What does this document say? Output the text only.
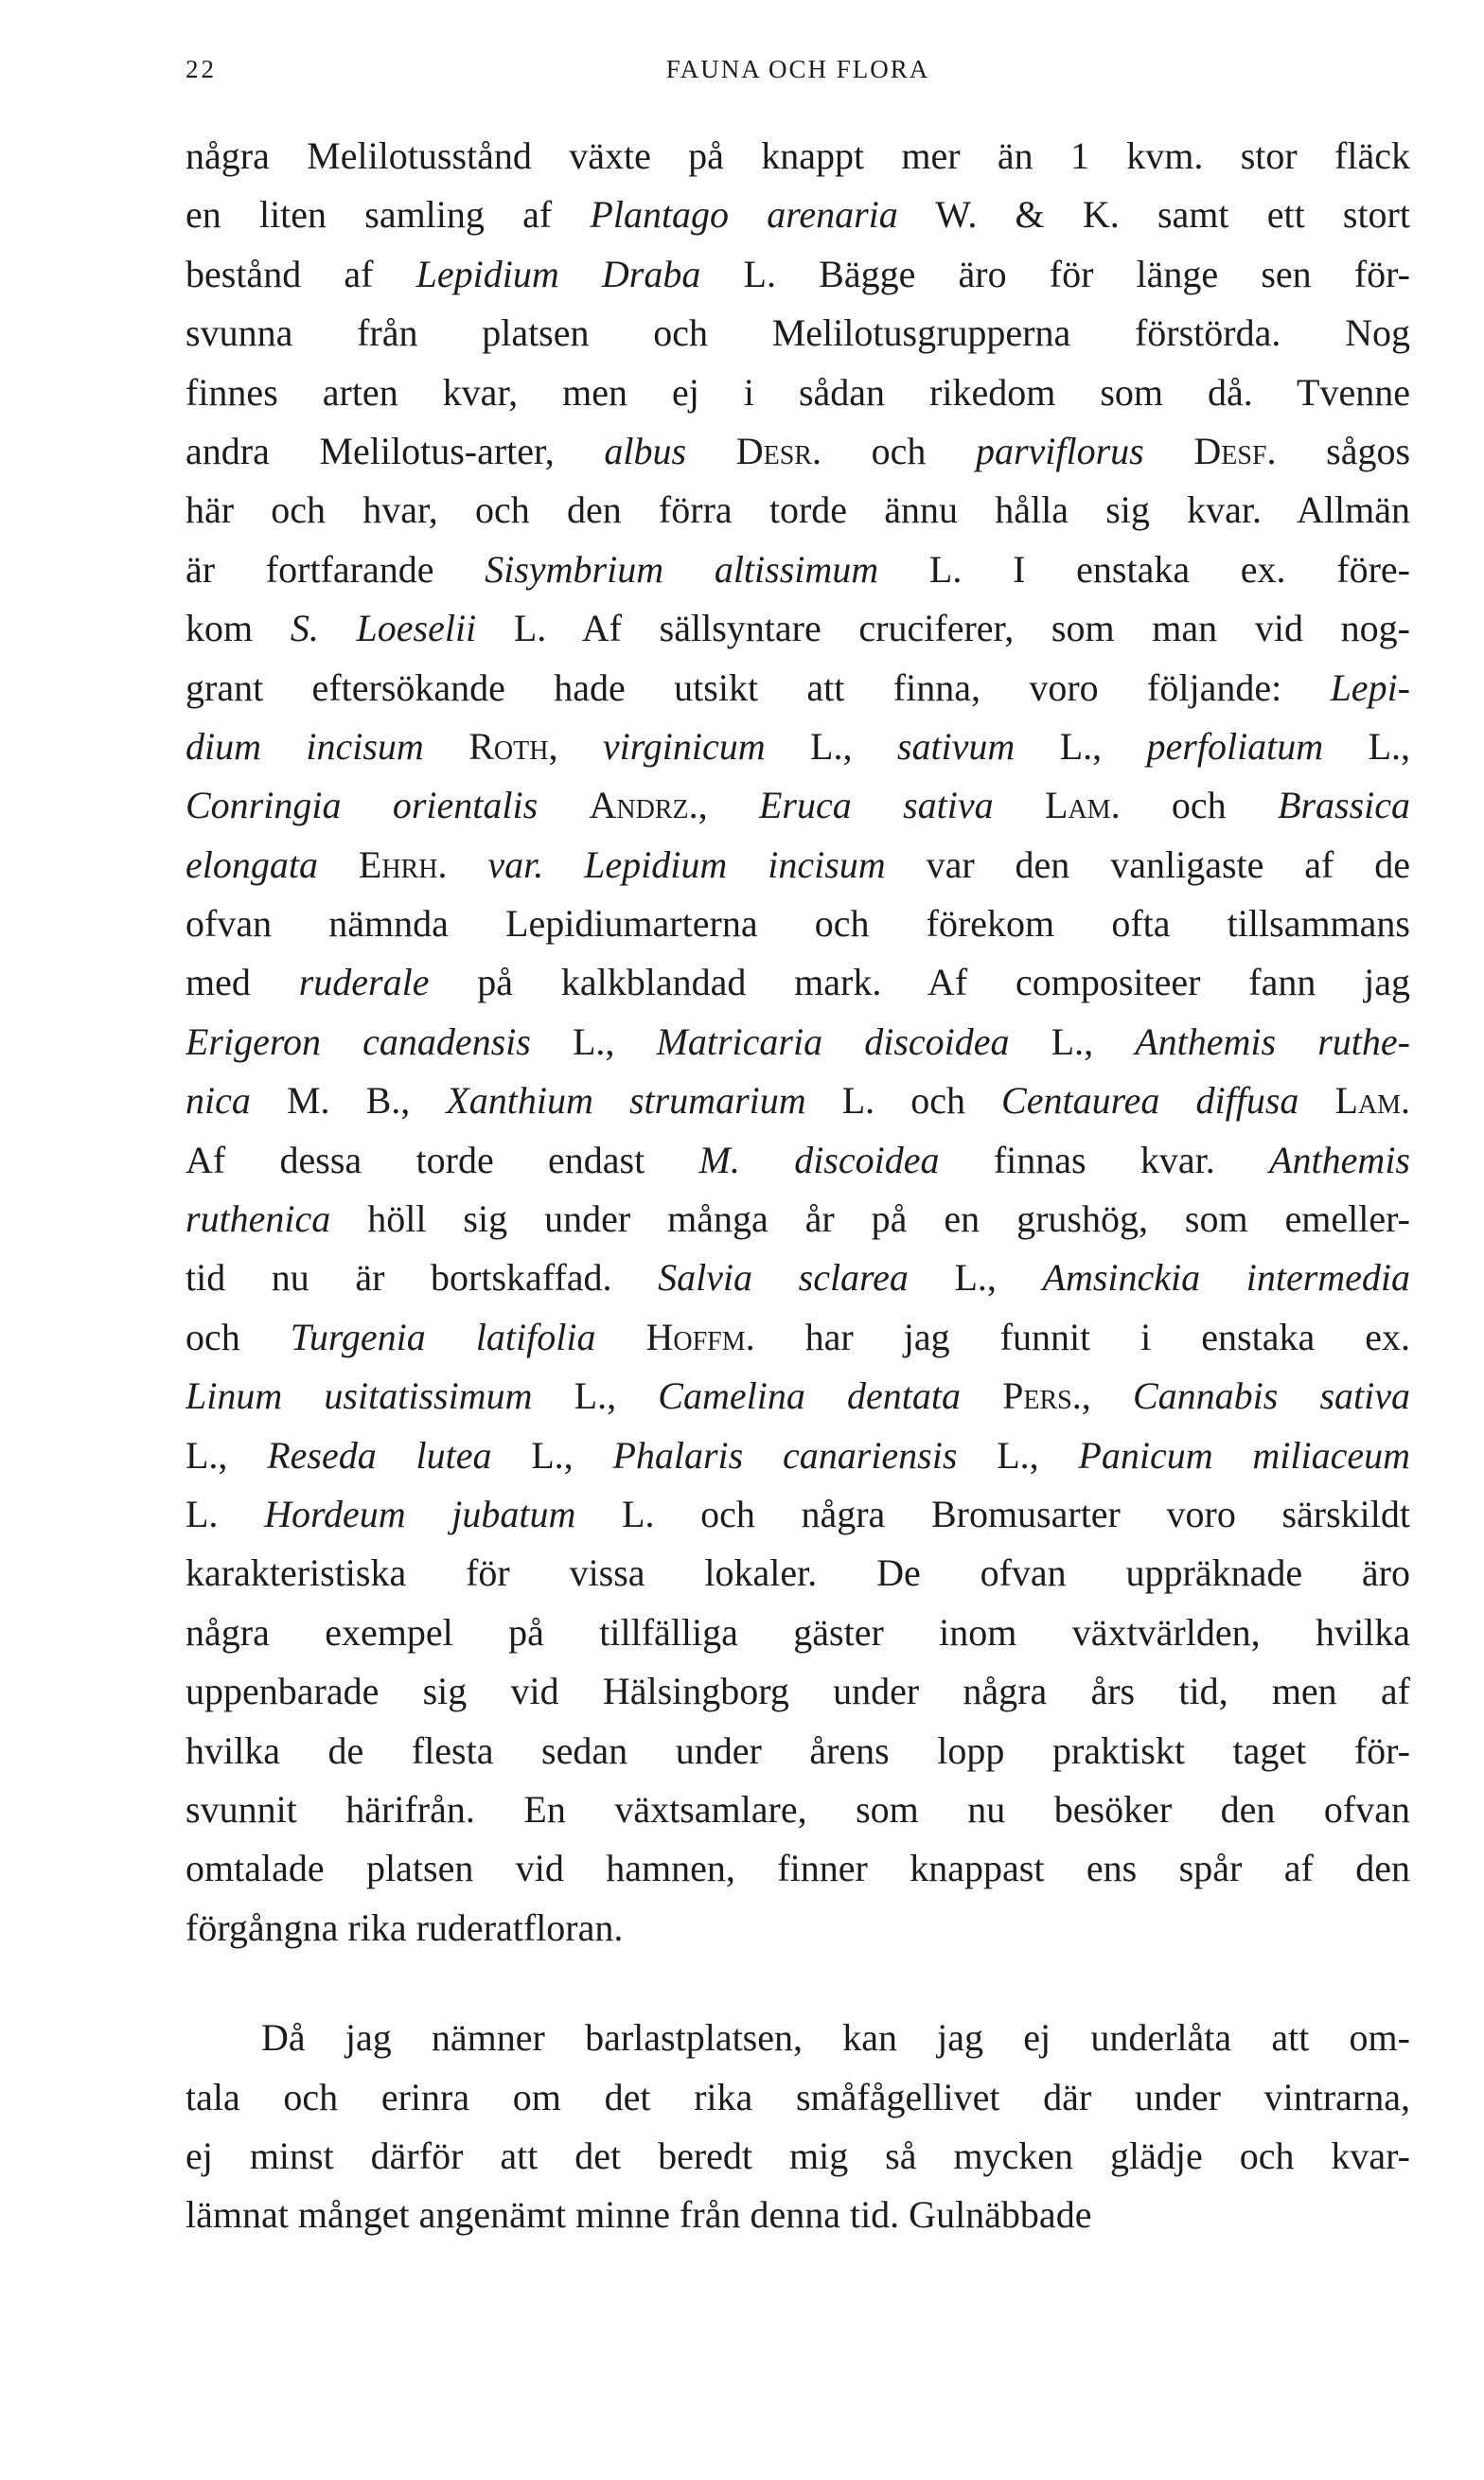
22	FAUNA OCH FLORA
några Melilotusstånd växte på knappt mer än 1 kvm. stor fläck
en liten samling af Plantago arenaria W. & K. samt ett stort
bestånd af Lepidium Draba L. Bägge äro för länge sen för-
svunna från platsen och Melilotusgrupperna förstörda. Nog
finnes arten kvar, men ej i sådan rikedom som då. Tvenne
andra Melilotus-arter, albus Desr. och parviflorus Desf. sågos
här och hvar, och den förra torde ännu hålla sig kvar. Allmän
är fortfarande Sisymbrium altissimum L. I enstaka ex. före-
kom S. Loeselii L. Af sällsyntare cruciferer, som man vid nog-
grant eftersökande hade utsikt att finna, voro följande: Lepi-
dium incisum Roth, virginicum L., sativum L., perfoliatum L.,
Conringia orientalis Andrz., Eruca sativa Lam. och Brassica
elongata Ehrh. var. Lepidium incisum var den vanligaste af de
ofvan nämnda Lepidiumarterna och förekom ofta tillsammans
med ruderale på kalkblandad mark. Af compositeer fann jag
Erigeron canadensis L., Matricaria discoidea L., Anthemis ruthe-
nica M. B., Xanthium strumarium L. och Centaurea diffusa Lam.
Af dessa torde endast M. discoidea finnas kvar. Anthemis
ruthenica höll sig under många år på en grushög, som emeller-
tid nu är bortskaffad. Salvia sclarea L., Amsinckia intermedia
och Turgenia latifolia Hoffm. har jag funnit i enstaka ex.
Linum usitatissimum L., Camelina dentata Pers., Cannabis sativa
L., Reseda lutea L., Phalaris canariensis L., Panicum miliaceum
L. Hordeum jubatum L. och några Bromusarter voro särskildt
karakteristiska för vissa lokaler. De ofvan uppräknade äro
några exempel på tillfälliga gäster inom växtvärlden, hvilka
uppenbarade sig vid Hälsingborg under några års tid, men af
hvilka de flesta sedan under årens lopp praktiskt taget för-
svunnit härifrån. En växtsamlare, som nu besöker den ofvan
omtalade platsen vid hamnen, finner knappast ens spår af den
förgångna rika ruderatfloran.
  Då jag nämner barlastplatsen, kan jag ej underlåta att om-
tala och erinra om det rika småfågellivet där under vintrarna,
ej minst därför att det beredt mig så mycken glädje och kvar-
lämnat månget angenämt minne från denna tid. Gulnäbbade
